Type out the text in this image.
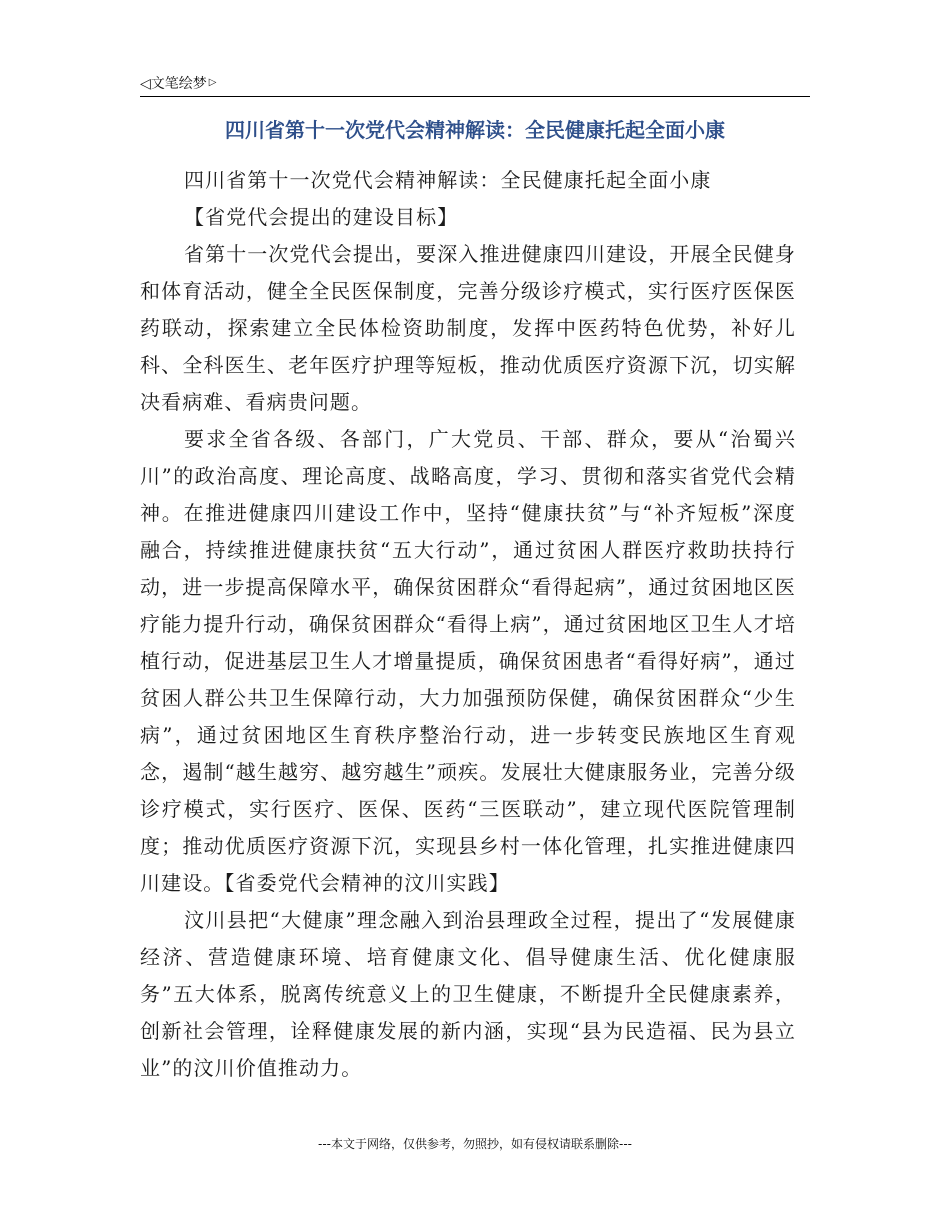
◁文笔绘梦 ▷
四川省第十一次党代会精神解读：全民健康托起全面小康

四川省第十一次党代会精神解读：全民健康托起全面小康

【省党代会提出的建设目标】

省第十一次党代会提出，要深入推进健康四川建设，开展全民健身和体育活动，健全全民医保制度，完善分级诊疗模式，实行医疗医保医药联动，探索建立全民体检资助制度，发挥中医药特色优势，补好儿科、全科医生、老年医疗护理等短板，推动优质医疗资源下沉，切实解决看病难、看病贵问题。

要求全省各级、各部门，广大党员、干部、群众，要从“治蜀兴川”的政治高度、理论高度、战略高度，学习、贯彻和落实省党代会精神。在推进健康四川建设工作中，坚持“健康扶贫”与“补齐短板”深度融合，持续推进健康扶贫“五大行动”，通过贫困人群医疗救助扶持行动，进一步提高保障水平，确保贫困群众“看得起病”，通过贫困地区医疗能力提升行动，确保贫困群众“看得上病”，通过贫困地区卫生人才培植行动，促进基层卫生人才增量提质，确保贫困患者“看得好病”，通过贫困人群公共卫生保障行动，大力加强预防保健，确保贫困群众“少生病”，通过贫困地区生育秩序整治行动，进一步转变民族地区生育观念，遏制“越生越穷、越穷越生”顽疾。发展壮大健康服务业，完善分级诊疗模式，实行医疗、医保、医药“三医联动”，建立现代医院管理制度；推动优质医疗资源下沉，实现县乡村一体化管理，扎实推进健康四川建设。【省委党代会精神的汶川实践】

汶川县把“大健康”理念融入到治县理政全过程，提出了“发展健康经济、营造健康环境、培育健康文化、倡导健康生活、优化健康服务”五大体系，脱离传统意义上的卫生健康，不断提升全民健康素养，创新社会管理，诠释健康发展的新内涵，实现“县为民造福、民为县立业”的汶川价值推动力。

---本文于网络，仅供参考，勿照抄，如有侵权请联系删除---
